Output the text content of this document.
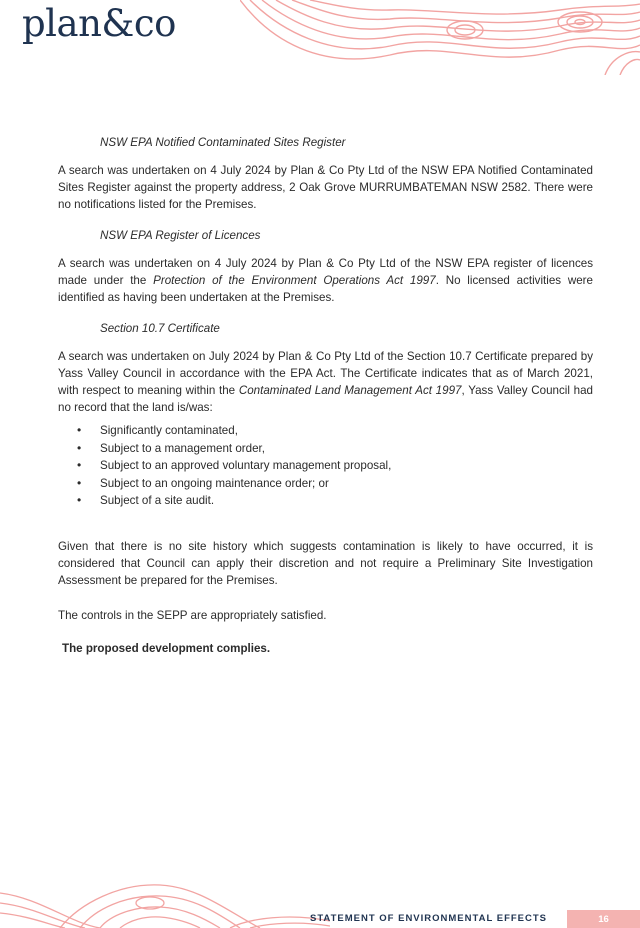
plan&co
NSW EPA Notified Contaminated Sites Register

A search was undertaken on 4 July 2024 by Plan & Co Pty Ltd of the NSW EPA Notified Contaminated Sites Register against the property address, 2 Oak Grove MURRUMBATEMAN NSW 2582. There were no notifications listed for the Premises.

NSW EPA Register of Licences

A search was undertaken on 4 July 2024 by Plan & Co Pty Ltd of the NSW EPA register of licences made under the Protection of the Environment Operations Act 1997. No licensed activities were identified as having been undertaken at the Premises.

Section 10.7 Certificate

A search was undertaken on July 2024 by Plan & Co Pty Ltd of the Section 10.7 Certificate prepared by Yass Valley Council in accordance with the EPA Act. The Certificate indicates that as of March 2021, with respect to meaning within the Contaminated Land Management Act 1997, Yass Valley Council had no record that the land is/was:

• Significantly contaminated,
• Subject to a management order,
• Subject to an approved voluntary management proposal,
• Subject to an ongoing maintenance order; or
• Subject of a site audit.

Given that there is no site history which suggests contamination is likely to have occurred, it is considered that Council can apply their discretion and not require a Preliminary Site Investigation Assessment be prepared for the Premises.

The controls in the SEPP are appropriately satisfied.

The proposed development complies.

STATEMENT OF ENVIRONMENTAL EFFECTS	16
